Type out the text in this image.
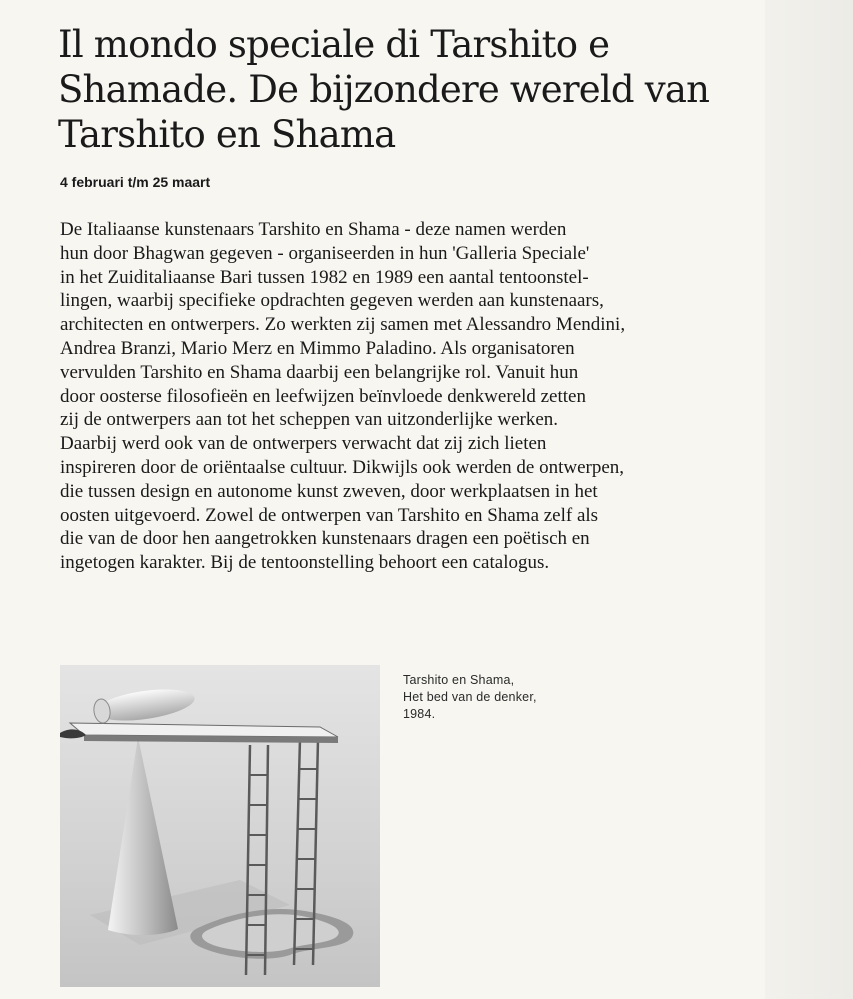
Il mondo speciale di Tarshito e Shamade. De bijzondere wereld van Tarshito en Shama
4 februari t/m 25 maart

De Italiaanse kunstenaars Tarshito en Shama - deze namen werden
hun door Bhagwan gegeven - organiseerden in hun 'Galleria Speciale'
in het Zuiditaliaanse Bari tussen 1982 en 1989 een aantal tentoonstel-
lingen, waarbij specifieke opdrachten gegeven werden aan kunstenaars,
architecten en ontwerpers. Zo werkten zij samen met Alessandro Mendini,
Andrea Branzi, Mario Merz en Mimmo Paladino. Als organisatoren
vervulden Tarshito en Shama daarbij een belangrijke rol. Vanuit hun
door oosterse filosofieën en leefwijzen beïnvloede denkwereld zetten
zij de ontwerpers aan tot het scheppen van uitzonderlijke werken.
Daarbij werd ook van de ontwerpers verwacht dat zij zich lieten
inspireren door de oriëntaalse cultuur. Dikwijls ook werden de ontwerpen,
die tussen design en autonome kunst zweven, door werkplaatsen in het
oosten uitgevoerd. Zowel de ontwerpen van Tarshito en Shama zelf als
die van de door hen aangetrokken kunstenaars dragen een poëtisch en
ingetogen karakter. Bij de tentoonstelling behoort een catalogus.

Tarshito en Shama,
Het bed van de denker,
1984.
